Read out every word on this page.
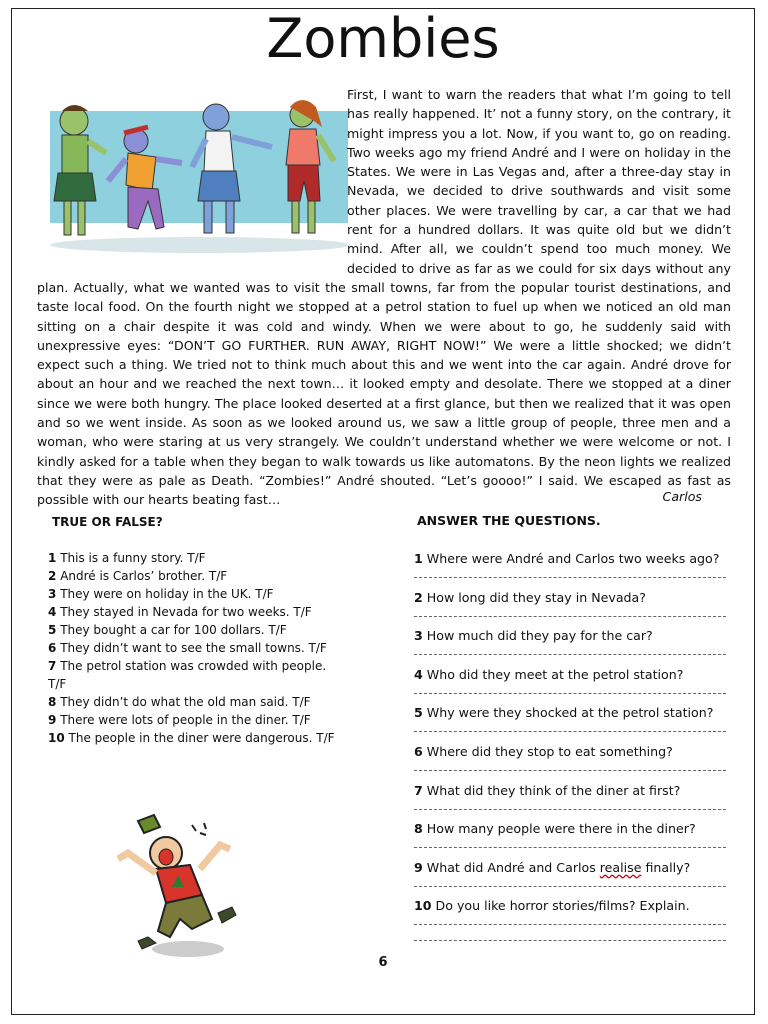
Zombies

First, I want to warn the readers that what I’m going to tell has really happened. It’ not a funny story, on the contrary, it might impress you a lot. Now, if you want to, go on reading. Two weeks ago my friend André and I were on holiday in the States. We were in Las Vegas and, after a three-day stay in Nevada, we decided to drive southwards and visit some other places. We were travelling by car, a car that we had rent for a hundred dollars. It was quite old but we didn’t mind. After all, we couldn’t spend too much money. We decided to drive as far as we could for six days without any plan. Actually, what we wanted was to visit the small towns, far from the popular tourist destinations, and taste local food. On the fourth night we stopped at a petrol station to fuel up when we noticed an old man sitting on a chair despite it was cold and windy. When we were about to go, he suddenly said with unexpressive eyes: “DON’T GO FURTHER. RUN AWAY, RIGHT NOW!” We were a little shocked; we didn’t expect such a thing. We tried not to think much about this and we went into the car again. André drove for about an hour and we reached the next town… it looked empty and desolate. There we stopped at a diner since we were both hungry. The place looked deserted at a first glance, but then we realized that it was open and so we went inside. As soon as we looked around us, we saw a little group of people, three men and a woman, who were staring at us very strangely. We couldn’t understand whether we were welcome or not. I kindly asked for a table when they began to walk towards us like automatons. By the neon lights we realized that they were as pale as Death. “Zombies!” André shouted. “Let’s goooo!” I said. We escaped as fast as possible with our hearts beating fast…	Carlos
TRUE OR FALSE?
1 This is a funny story. T/F
2 André is Carlos’ brother. T/F
3 They were on holiday in the UK. T/F
4 They stayed in Nevada for two weeks. T/F
5 They bought a car for 100 dollars. T/F
6 They didn’t want to see the small towns. T/F
7 The petrol station was crowded with people. T/F
8 They didn’t do what the old man said. T/F
9 There were lots of people in the diner. T/F
10 The people in the diner were dangerous. T/F
ANSWER THE QUESTIONS.
1 Where were André and Carlos two weeks ago?
2 How long did they stay in Nevada?
3 How much did they pay for the car?
4 Who did they meet at the petrol station?
5 Why were they shocked at the petrol station?
6 Where did they stop to eat something?
7 What did they think of the diner at first?
8 How many people were there in the diner?
9 What did André and Carlos realise finally?
10 Do you like horror stories/films? Explain.
6
